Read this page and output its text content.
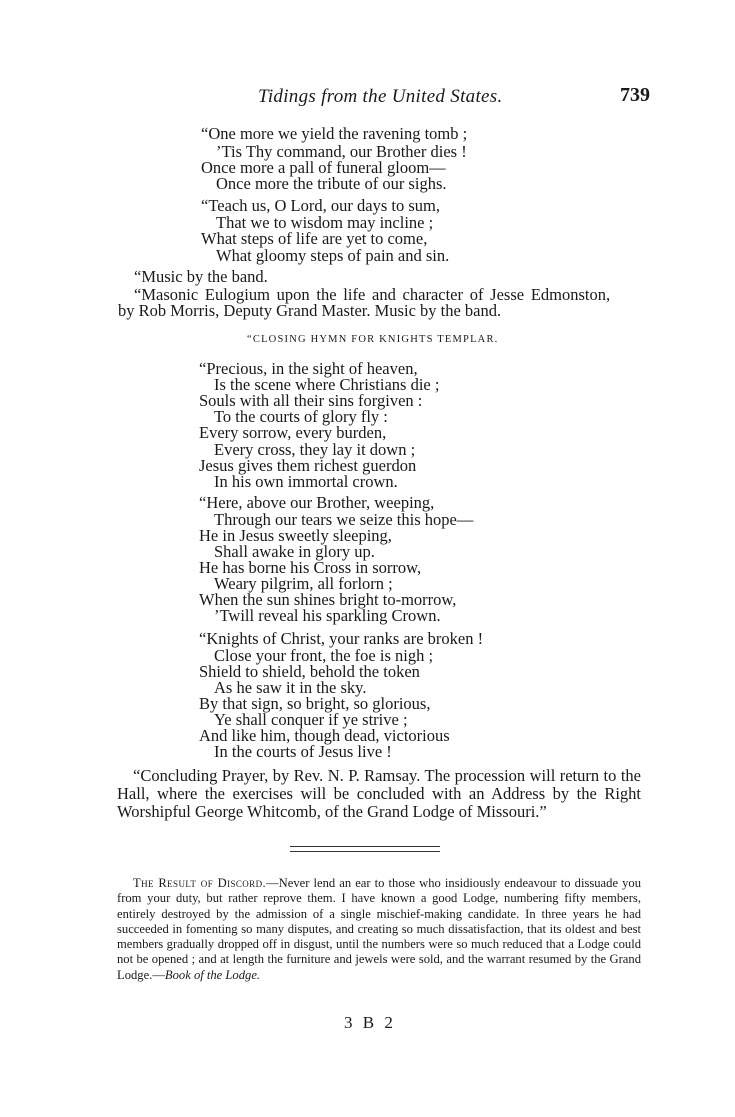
Tidings from the United States.	739
“One more we yield the ravening tomb ;
’Tis Thy command, our Brother dies !
Once more a pall of funeral gloom—
Once more the tribute of our sighs.
“Teach us, O Lord, our days to sum,
That we to wisdom may incline ;
What steps of life are yet to come,
What gloomy steps of pain and sin.
“Music by the band.
“Masonic Eulogium upon the life and character of Jesse Edmonston,
by Rob Morris, Deputy Grand Master. Music by the band.
“CLOSING HYMN FOR KNIGHTS TEMPLAR.
“Precious, in the sight of heaven,
Is the scene where Christians die ;
Souls with all their sins forgiven :
To the courts of glory fly :
Every sorrow, every burden,
Every cross, they lay it down ;
Jesus gives them richest guerdon
In his own immortal crown.
“Here, above our Brother, weeping,
Through our tears we seize this hope—
He in Jesus sweetly sleeping,
Shall awake in glory up.
He has borne his Cross in sorrow,
Weary pilgrim, all forlorn ;
When the sun shines bright to-morrow,
’Twill reveal his sparkling Crown.
“Knights of Christ, your ranks are broken !
Close your front, the foe is nigh ;
Shield to shield, behold the token
As he saw it in the sky.
By that sign, so bright, so glorious,
Ye shall conquer if ye strive ;
And like him, though dead, victorious
In the courts of Jesus live !
“Concluding Prayer, by Rev. N. P. Ramsay. The procession will return to the Hall, where the exercises will be concluded with an Address by the Right Worshipful George Whitcomb, of the Grand Lodge of Missouri.”
The Result of Discord.—Never lend an ear to those who insidiously endeavour to dissuade you from your duty, but rather reprove them. I have known a good Lodge, numbering fifty members, entirely destroyed by the admission of a single mischief-making candidate. In three years he had succeeded in fomenting so many disputes, and creating so much dissatisfaction, that its oldest and best members gradually dropped off in disgust, until the numbers were so much reduced that a Lodge could not be opened ; and at length the furniture and jewels were sold, and the warrant resumed by the Grand Lodge.—Book of the Lodge.
3 B 2
